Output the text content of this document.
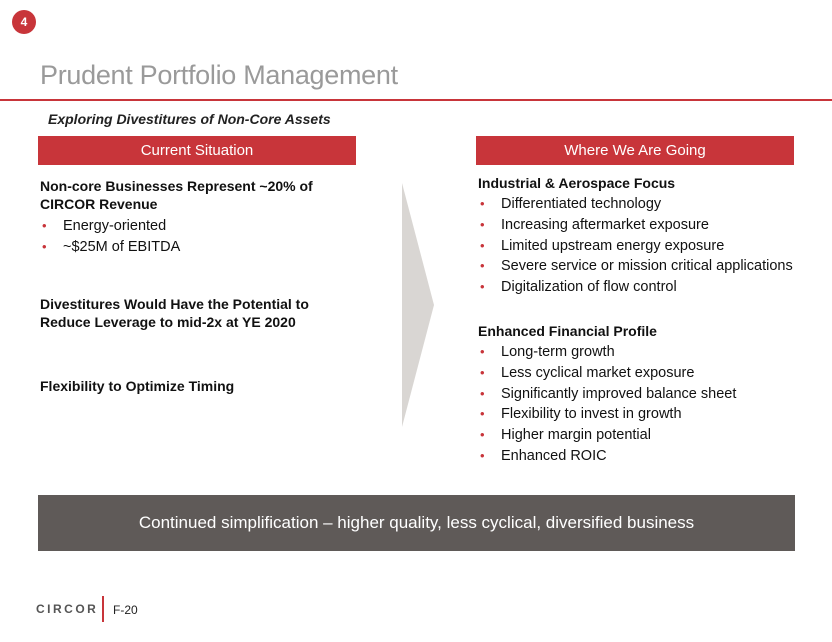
4
Prudent Portfolio Management
Exploring Divestitures of Non-Core Assets
Current Situation	Where We Are Going
Non-core Businesses Represent ~20% of
CIRCOR Revenue
• Energy-oriented
• ~$25M of EBITDA
Divestitures Would Have the Potential to
Reduce Leverage to mid-2x at YE 2020
Flexibility to Optimize Timing
Industrial & Aerospace Focus
• Differentiated technology
• Increasing aftermarket exposure
• Limited upstream energy exposure
• Severe service or mission critical applications
• Digitalization of flow control
Enhanced Financial Profile
• Long-term growth
• Less cyclical market exposure
• Significantly improved balance sheet
• Flexibility to invest in growth
• Higher margin potential
• Enhanced ROIC
Continued simplification – higher quality, less cyclical, diversified business
CIRCOR F-20
